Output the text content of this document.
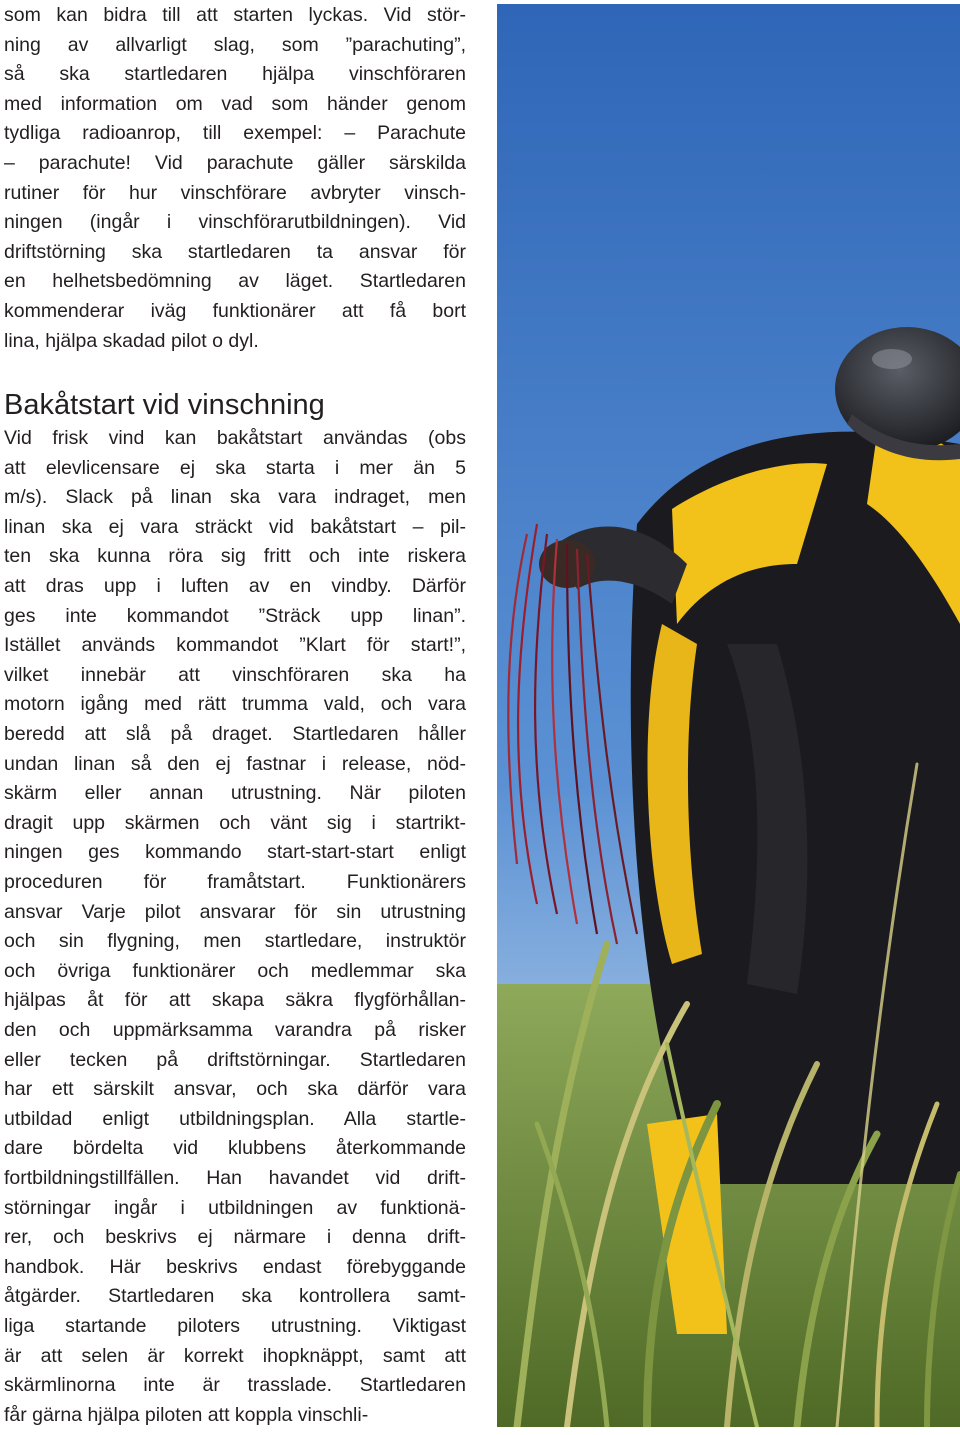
som kan bidra till att starten lyckas. Vid stör-
ning av allvarligt slag, som ”parachuting”,
så ska startledaren hjälpa vinschföraren
med information om vad som händer genom
tydliga radioanrop, till exempel: – Parachute
– parachute! Vid parachute gäller särskilda
rutiner för hur vinschförare avbryter vinsch-
ningen (ingår i vinschförarutbildningen). Vid
driftstörning ska startledaren ta ansvar för
en helhetsbedömning av läget. Startledaren
kommenderar iväg funktionärer att få bort
lina, hjälpa skadad pilot o dyl.
Bakåtstart vid vinschning
Vid frisk vind kan bakåtstart användas (obs
att elevlicensare ej ska starta i mer än 5
m/s). Slack på linan ska vara indraget, men
linan ska ej vara sträckt vid bakåtstart – pil-
ten ska kunna röra sig fritt och inte riskera
att dras upp i luften av en vindby. Därför
ges inte kommandot ”Sträck upp linan”.
Istället används kommandot ”Klart för start!”,
vilket innebär att vinschföraren ska ha
motorn igång med rätt trumma vald, och vara
beredd att slå på draget. Startledaren håller
undan linan så den ej fastnar i release, nöd-
skärm eller annan utrustning. När piloten
dragit upp skärmen och vänt sig i startrikt-
ningen ges kommando start-start-start enligt
proceduren för framåtstart. Funktionärers
ansvar Varje pilot ansvarar för sin utrustning
och sin flygning, men startledare, instruktör
och övriga funktionärer och medlemmar ska
hjälpas åt för att skapa säkra flygförhållan-
den och uppmärksamma varandra på risker
eller tecken på driftstörningar. Startledaren
har ett särskilt ansvar, och ska därför vara
utbildad enligt utbildningsplan. Alla startle-
dare bördelta vid klubbens återkommande
fortbildningstillfällen. Han havandet vid drift-
störningar ingår i utbildningen av funktionä-
rer, och beskrivs ej närmare i denna drift-
handbok. Här beskrivs endast förebyggande
åtgärder. Startledaren ska kontrollera samt-
liga startande piloters utrustning. Viktigast
är att selen är korrekt ihopknäppt, samt att
skärmlinorna inte är trasslade. Startledaren
får gärna hjälpa piloten att koppla vinschli-
